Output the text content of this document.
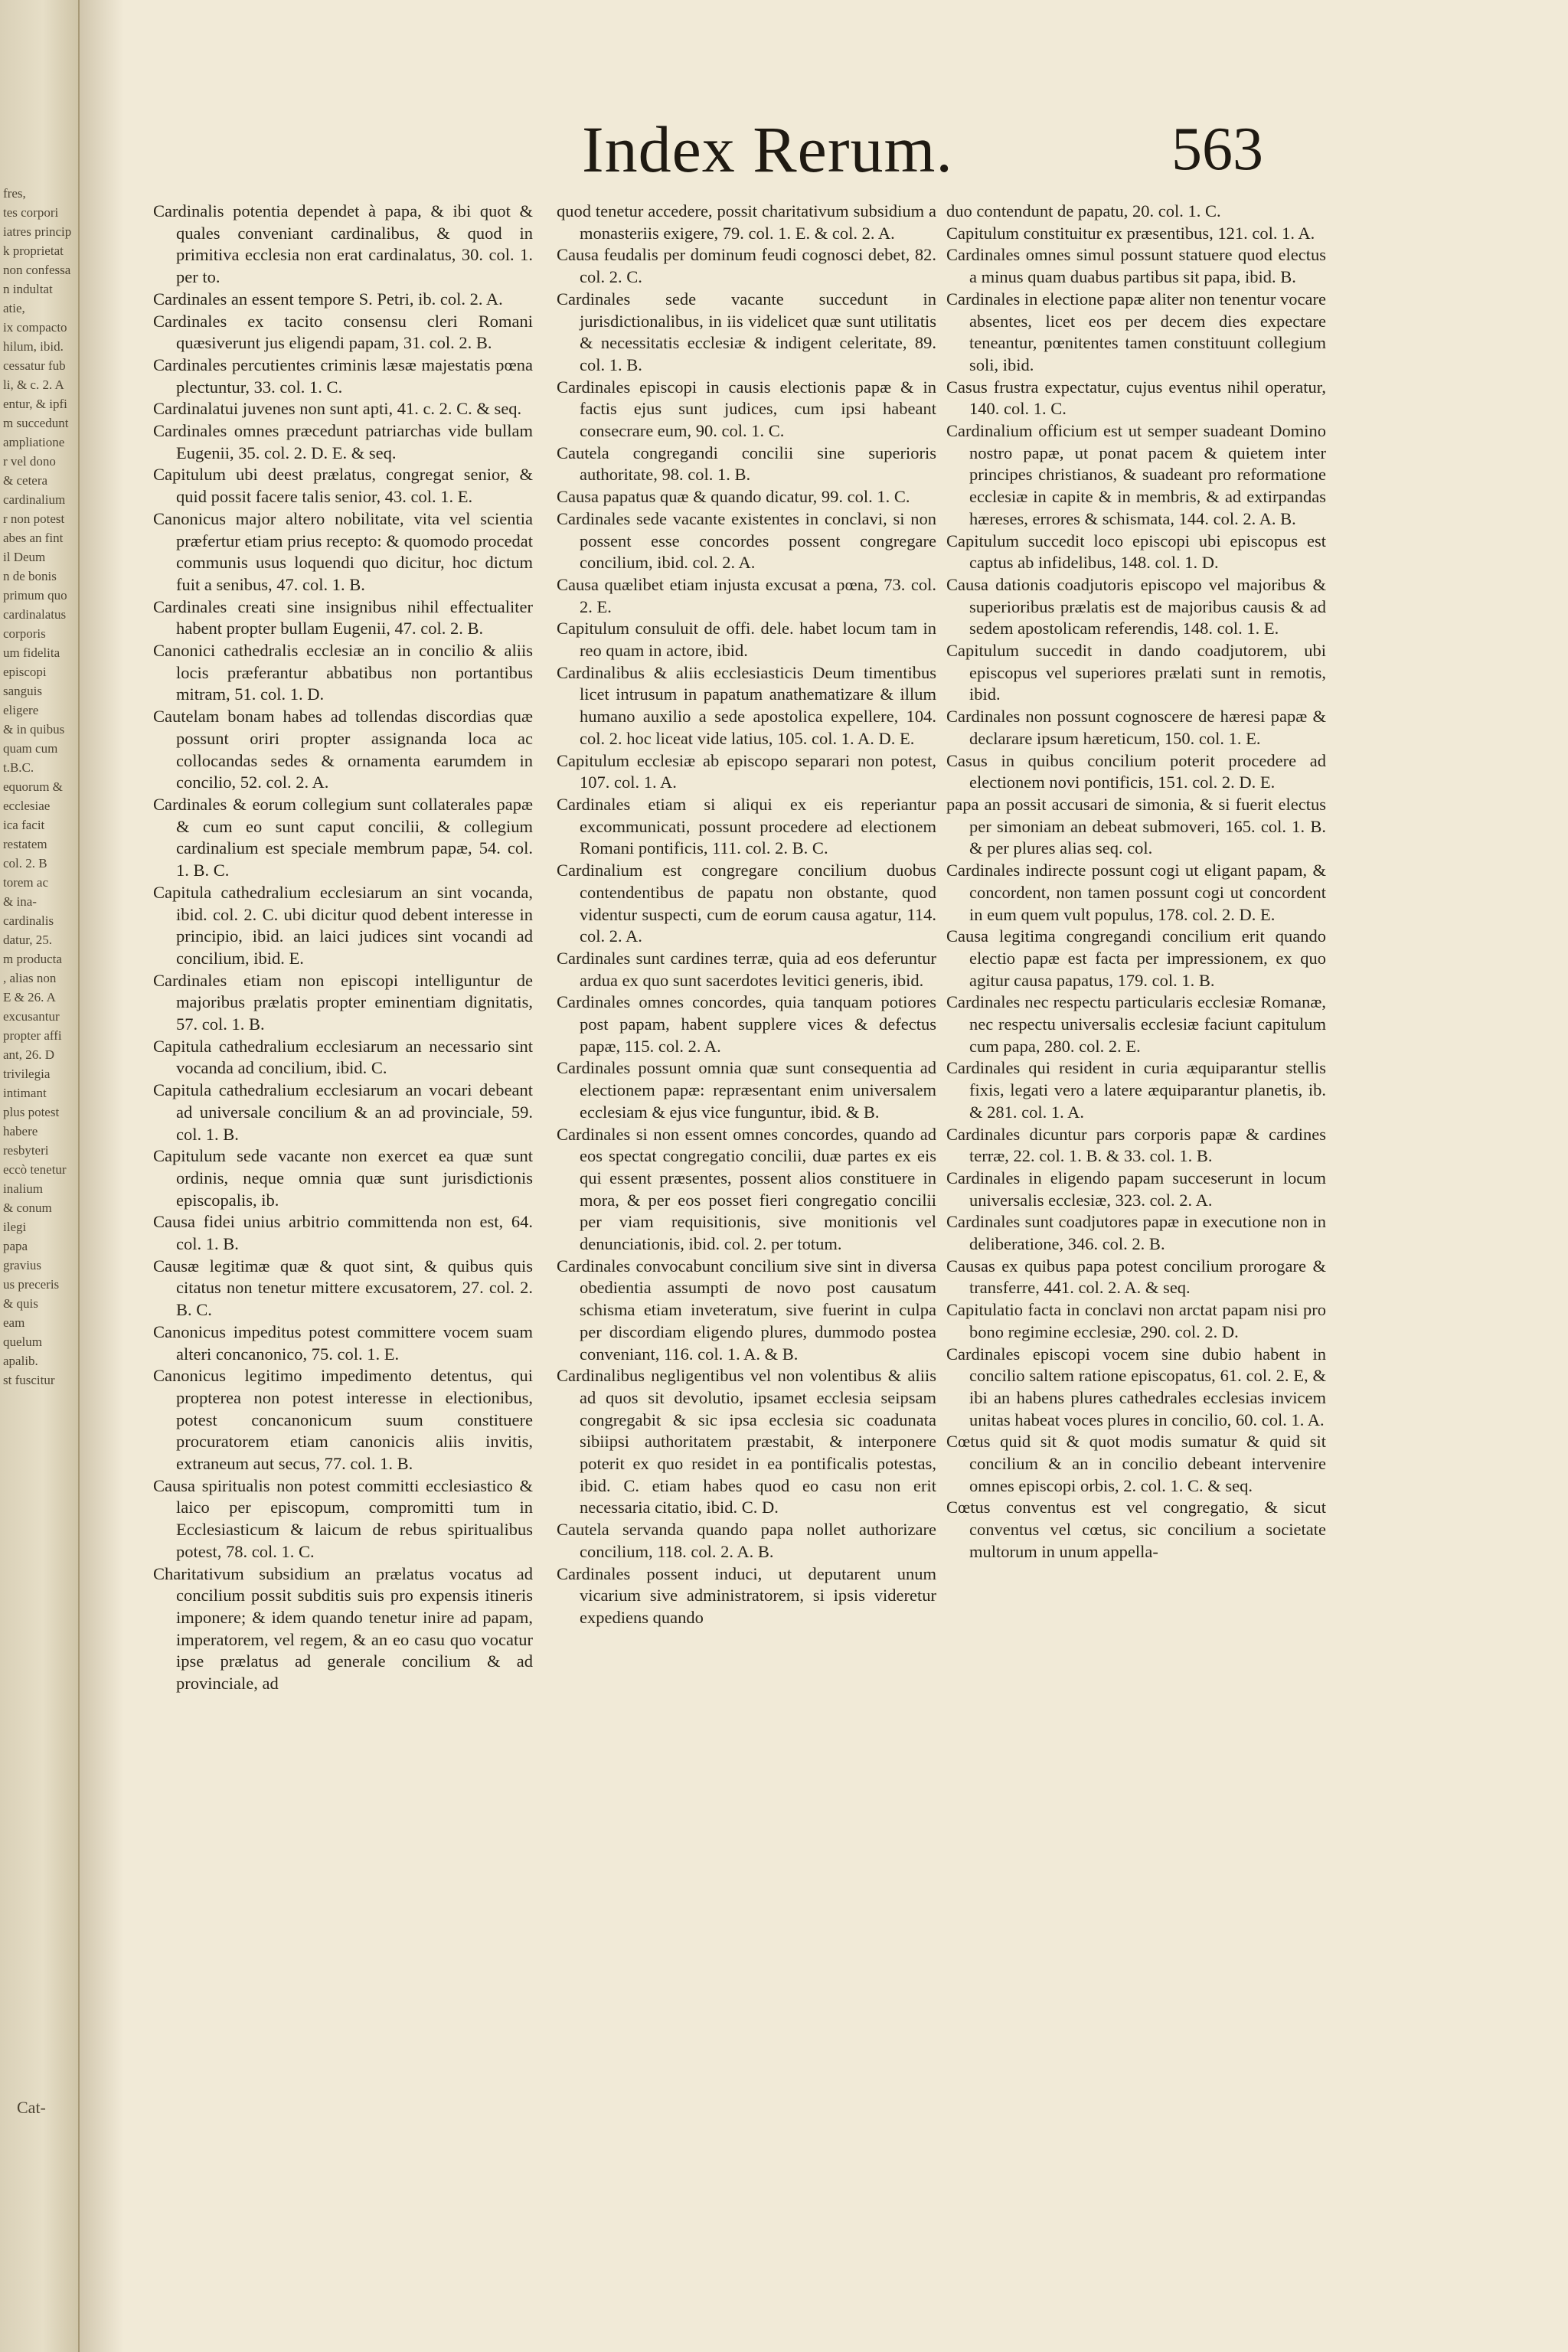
fres,
tes corpori
iatres princip
k proprietat
non confessa
n indultat
atie,
ix compacto
hilum, ibid.
cessatur fub
li, & c. 2. A
entur, & ipfi
m succedunt
ampliatione
r vel dono
& cetera
cardinalium
r non potest
abes an fint
il Deum
n de bonis
primum quo
cardinalatus
corporis
um fidelita
episcopi
sanguis
eligere
& in quibus
quam cum
t.B.C.
equorum &
ecclesiae
ica facit
restatem
col. 2. B
torem ac
& ina-
cardinalis
datur, 25.
m producta
, alias non
E & 26. A
excusantur
propter affi
ant, 26. D
trivilegia
intimant
plus potest
habere
resbyteri
eccò tenetur
inalium
& conum
ilegi
papa
gravius
us preceris
& quis
eam
quelum
apalib.
st fuscitur
Cat-
Index Rerum.	563

Cardinalis potentia dependet à papa, & ibi quot & quales conveniant cardinalibus, & quod in primitiva ecclesia non erat cardinalatus, 30. col. 1. per to.

Cardinales an essent tempore S. Petri, ib. col. 2. A.

Cardinales ex tacito consensu cleri Romani quæsiverunt jus eligendi papam, 31. col. 2. B.

Cardinales percutientes criminis læsæ majestatis pœna plectuntur, 33. col. 1. C.

Cardinalatui juvenes non sunt apti, 41. c. 2. C. & seq.

Cardinales omnes præcedunt patriarchas vide bullam Eugenii, 35. col. 2. D. E. & seq.

Capitulum ubi deest prælatus, congregat senior, & quid possit facere talis senior, 43. col. 1. E.

Canonicus major altero nobilitate, vita vel scientia præfertur etiam prius recepto: & quomodo procedat communis usus loquendi quo dicitur, hoc dictum fuit a senibus, 47. col. 1. B.

Cardinales creati sine insignibus nihil effectualiter habent propter bullam Eugenii, 47. col. 2. B.

Canonici cathedralis ecclesiæ an in concilio & aliis locis præferantur abbatibus non portantibus mitram, 51. col. 1. D.

Cautelam bonam habes ad tollendas discordias quæ possunt oriri propter assignanda loca ac collocandas sedes & ornamenta earumdem in concilio, 52. col. 2. A.

Cardinales & eorum collegium sunt collaterales papæ & cum eo sunt caput concilii, & collegium cardinalium est speciale membrum papæ, 54. col. 1. B. C.

Capitula cathedralium ecclesiarum an sint vocanda, ibid. col. 2. C. ubi dicitur quod debent interesse in principio, ibid. an laici judices sint vocandi ad concilium, ibid. E.

Cardinales etiam non episcopi intelliguntur de majoribus prælatis propter eminentiam dignitatis, 57. col. 1. B.

Capitula cathedralium ecclesiarum an necessario sint vocanda ad concilium, ibid. C.

Capitula cathedralium ecclesiarum an vocari debeant ad universale concilium & an ad provinciale, 59. col. 1. B.

Capitulum sede vacante non exercet ea quæ sunt ordinis, neque omnia quæ sunt jurisdictionis episcopalis, ib.

Causa fidei unius arbitrio committenda non est, 64. col. 1. B.

Causæ legitimæ quæ & quot sint, & quibus quis citatus non tenetur mittere excusatorem, 27. col. 2. B. C.

Canonicus impeditus potest committere vocem suam alteri concanonico, 75. col. 1. E.

Canonicus legitimo impedimento detentus, qui propterea non potest interesse in electionibus, potest concanonicum suum constituere procuratorem etiam canonicis aliis invitis, extraneum aut secus, 77. col. 1. B.

Causa spiritualis non potest committi ecclesiastico & laico per episcopum, compromitti tum in Ecclesiasticum & laicum de rebus spiritualibus potest, 78. col. 1. C.

Charitativum subsidium an prælatus vocatus ad concilium possit subditis suis pro expensis itineris imponere; & idem quando tenetur inire ad papam, imperatorem, vel regem, & an eo casu quo vocatur ipse prælatus ad generale concilium & ad provinciale, ad

quod tenetur accedere, possit charitativum subsidium a monasteriis exigere, 79. col. 1. E. & col. 2. A.

Causa feudalis per dominum feudi cognosci debet, 82. col. 2. C.

Cardinales sede vacante succedunt in jurisdictionalibus, in iis videlicet quæ sunt utilitatis & necessitatis ecclesiæ & indigent celeritate, 89. col. 1. B.

Cardinales episcopi in causis electionis papæ & in factis ejus sunt judices, cum ipsi habeant consecrare eum, 90. col. 1. C.

Cautela congregandi concilii sine superioris authoritate, 98. col. 1. B.

Causa papatus quæ & quando dicatur, 99. col. 1. C.

Cardinales sede vacante existentes in conclavi, si non possent esse concordes possent congregare concilium, ibid. col. 2. A.

Causa quælibet etiam injusta excusat a pœna, 73. col. 2. E.

Capitulum consuluit de offi. dele. habet locum tam in reo quam in actore, ibid.

Cardinalibus & aliis ecclesiasticis Deum timentibus licet intrusum in papatum anathematizare & illum humano auxilio a sede apostolica expellere, 104. col. 2. hoc liceat vide latius, 105. col. 1. A. D. E.

Capitulum ecclesiæ ab episcopo separari non potest, 107. col. 1. A.

Cardinales etiam si aliqui ex eis reperiantur excommunicati, possunt procedere ad electionem Romani pontificis, 111. col. 2. B. C.

Cardinalium est congregare concilium duobus contendentibus de papatu non obstante, quod videntur suspecti, cum de eorum causa agatur, 114. col. 2. A.

Cardinales sunt cardines terræ, quia ad eos deferuntur ardua ex quo sunt sacerdotes levitici generis, ibid.

Cardinales omnes concordes, quia tanquam potiores post papam, habent supplere vices & defectus papæ, 115. col. 2. A.

Cardinales possunt omnia quæ sunt consequentia ad electionem papæ: repræsentant enim universalem ecclesiam & ejus vice funguntur, ibid. & B.

Cardinales si non essent omnes concordes, quando ad eos spectat congregatio concilii, duæ partes ex eis qui essent præsentes, possent alios constituere in mora, & per eos posset fieri congregatio concilii per viam requisitionis, sive monitionis vel denunciationis, ibid. col. 2. per totum.

Cardinales convocabunt concilium sive sint in diversa obedientia assumpti de novo post causatum schisma etiam inveteratum, sive fuerint in culpa per discordiam eligendo plures, dummodo postea conveniant, 116. col. 1. A. & B.

Cardinalibus negligentibus vel non volentibus & aliis ad quos sit devolutio, ipsamet ecclesia seipsam congregabit & sic ipsa ecclesia sic coadunata sibiipsi authoritatem præstabit, & interponere poterit ex quo residet in ea pontificalis potestas, ibid. C. etiam habes quod eo casu non erit necessaria citatio, ibid. C. D.

Cautela servanda quando papa nollet authorizare concilium, 118. col. 2. A. B.

Cardinales possent induci, ut deputarent unum vicarium sive administratorem, si ipsis videretur expediens quando

duo contendunt de papatu, 20. col. 1. C.

Capitulum constituitur ex præsentibus, 121. col. 1. A.

Cardinales omnes simul possunt statuere quod electus a minus quam duabus partibus sit papa, ibid. B.

Cardinales in electione papæ aliter non tenentur vocare absentes, licet eos per decem dies expectare teneantur, pœnitentes tamen constituunt collegium soli, ibid.

Casus frustra expectatur, cujus eventus nihil operatur, 140. col. 1. C.

Cardinalium officium est ut semper suadeant Domino nostro papæ, ut ponat pacem & quietem inter principes christianos, & suadeant pro reformatione ecclesiæ in capite & in membris, & ad extirpandas hæreses, errores & schismata, 144. col. 2. A. B.

Capitulum succedit loco episcopi ubi episcopus est captus ab infidelibus, 148. col. 1. D.

Causa dationis coadjutoris episcopo vel majoribus & superioribus prælatis est de majoribus causis & ad sedem apostolicam referendis, 148. col. 1. E.

Capitulum succedit in dando coadjutorem, ubi episcopus vel superiores prælati sunt in remotis, ibid.

Cardinales non possunt cognoscere de hæresi papæ & declarare ipsum hæreticum, 150. col. 1. E.

Casus in quibus concilium poterit procedere ad electionem novi pontificis, 151. col. 2. D. E.

papa an possit accusari de simonia, & si fuerit electus per simoniam an debeat submoveri, 165. col. 1. B. & per plures alias seq. col.

Cardinales indirecte possunt cogi ut eligant papam, & concordent, non tamen possunt cogi ut concordent in eum quem vult populus, 178. col. 2. D. E.

Causa legitima congregandi concilium erit quando electio papæ est facta per impressionem, ex quo agitur causa papatus, 179. col. 1. B.

Cardinales nec respectu particularis ecclesiæ Romanæ, nec respectu universalis ecclesiæ faciunt capitulum cum papa, 280. col. 2. E.

Cardinales qui resident in curia æquiparantur stellis fixis, legati vero a latere æquiparantur planetis, ib. & 281. col. 1. A.

Cardinales dicuntur pars corporis papæ & cardines terræ, 22. col. 1. B. & 33. col. 1. B.

Cardinales in eligendo papam succeserunt in locum universalis ecclesiæ, 323. col. 2. A.

Cardinales sunt coadjutores papæ in executione non in deliberatione, 346. col. 2. B.

Causas ex quibus papa potest concilium prorogare & transferre, 441. col. 2. A. & seq.

Capitulatio facta in conclavi non arctat papam nisi pro bono regimine ecclesiæ, 290. col. 2. D.

Cardinales episcopi vocem sine dubio habent in concilio saltem ratione episcopatus, 61. col. 2. E, & ibi an habens plures cathedrales ecclesias invicem unitas habeat voces plures in concilio, 60. col. 1. A.

Cœtus quid sit & quot modis sumatur & quid sit concilium & an in concilio debeant intervenire omnes episcopi orbis, 2. col. 1. C. & seq.

Cœtus conventus est vel congregatio, & sicut conventus vel cœtus, sic concilium a societate multorum in unum appella-
